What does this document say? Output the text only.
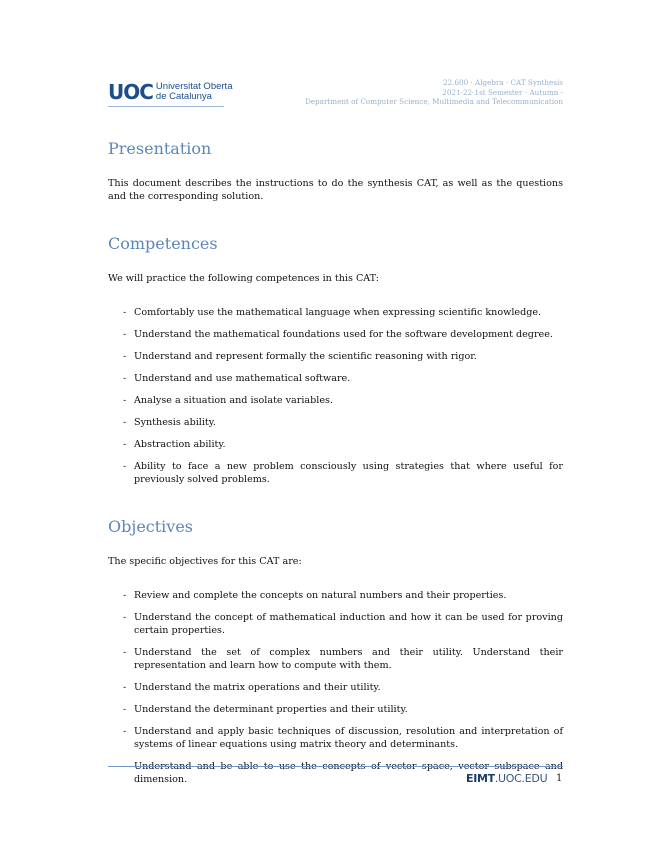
UOC Universitat Oberta
de Catalunya
22.600 · Algebra · CAT Synthesis
2021-22-1st Semester - Autumn -
Department of Computer Science, Multimedia and Telecommunication
Presentation

This document describes the instructions to do the synthesis CAT, as well as the questions and the corresponding solution.

Competences

We will practice the following competences in this CAT:

- Comfortably use the mathematical language when expressing scientific knowledge.
- Understand the mathematical foundations used for the software development degree.
- Understand and represent formally the scientific reasoning with rigor.
- Understand and use mathematical software.
- Analyse a situation and isolate variables.
- Synthesis ability.
- Abstraction ability.
- Ability to face a new problem consciously using strategies that where useful for previously solved problems.
Objectives

The specific objectives for this CAT are:

- Review and complete the concepts on natural numbers and their properties.
- Understand the concept of mathematical induction and how it can be used for proving certain properties.
- Understand the set of complex numbers and their utility. Understand their representation and learn how to compute with them.
- Understand the matrix operations and their utility.
- Understand the determinant properties and their utility.
- Understand and apply basic techniques of discussion, resolution and interpretation of systems of linear equations using matrix theory and determinants.
- dimension.	EIMT.UOC.EDU 1
